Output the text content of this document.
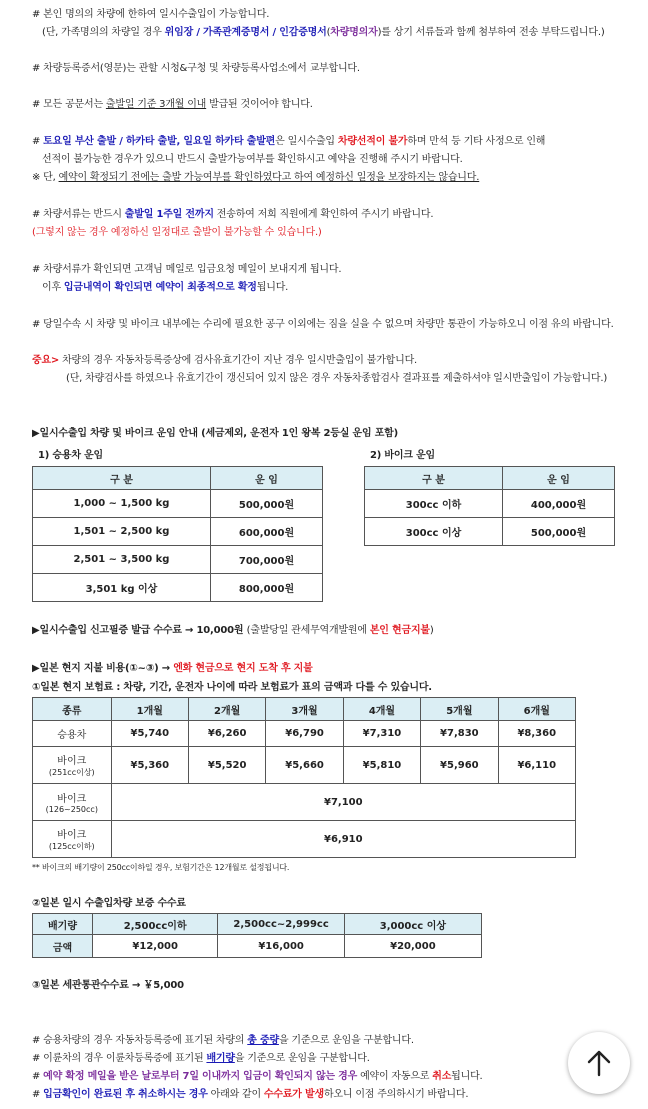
# 본인 명의의 차량에 한하여 일시수출입이 가능합니다.
(단, 가족명의의 차량일 경우 위임장 / 가족관계증명서 / 인감증명서(차량명의자)를 상기 서류들과 함께 첨부하여 전송 부탁드립니다.)
# 차량등록증서(영문)는 관할 시청&구청 및 차량등록사업소에서 교부합니다.
# 모든 공문서는 출발일 기준 3개월 이내 발급된 것이어야 합니다.
# 토요일 부산 출발 / 하카타 출발, 일요일 하카타 출발편은 일시수출입 차량선적이 불가하며 만석 등 기타 사정으로 인해
선적이 불가능한 경우가 있으니 반드시 출발가능여부를 확인하시고 예약을 진행해 주시기 바랍니다.
※ 단, 예약이 확정되기 전에는 출발 가능여부를 확인하였다고 하여 예정하신 일정을 보장하지는 않습니다.
# 차량서류는 반드시 출발일 1주일 전까지 전송하여 저희 직원에게 확인하여 주시기 바랍니다.
(그렇지 않는 경우 예정하신 일정대로 출발이 불가능할 수 있습니다.)
# 차량서류가 확인되면 고객님 메일로 입금요청 메일이 보내지게 됩니다.
이후 입금내역이 확인되면 예약이 최종적으로 확정됩니다.
# 당일수속 시 차량 및 바이크 내부에는 수리에 필요한 공구 이외에는 짐을 실을 수 없으며 차량만 통관이 가능하오니 이점 유의 바랍니다.
중요> 차량의 경우 자동차등록증상에 검사유효기간이 지난 경우 일시반출입이 불가합니다.
(단, 차량검사를 하였으나 유효기간이 갱신되어 있지 않은 경우 자동차종합검사 결과표를 제출하셔야 일시반출입이 가능합니다.)
▶일시수출입 차량 및 바이크 운임 안내 (세금제외, 운전자 1인 왕복 2등실 운임 포함)
1) 승용차 운임	2) 바이크 운임
구 분	운 임
1,000 ~ 1,500 kg	500,000원
1,501 ~ 2,500 kg	600,000원
2,501 ~ 3,500 kg	700,000원
3,501 kg 이상	800,000원
구 분	운 임
300cc 이하	400,000원
300cc 이상	500,000원
▶일시수출입 신고필증 발급 수수료 → 10,000원 (출발당일 관세무역개발원에 본인 현금지불)
▶일본 현지 지불 비용(①~③) → 엔화 현금으로 현지 도착 후 지불
①일본 현지 보험료 : 차량, 기간, 운전자 나이에 따라 보험료가 표의 금액과 다를 수 있습니다.
종류	1개월	2개월	3개월	4개월	5개월	6개월

승용차	¥5,740	¥6,260	¥6,790	¥7,310	¥7,830	¥8,360

바이크
(251cc이상)	¥5,360	¥5,520	¥5,660	¥5,810	¥5,960	¥6,110

바이크
(126~250cc)	¥7,100					

바이크
(125cc이하)	¥6,910					
** 바이크의 배기량이 250cc이하일 경우, 보험기간은 12개월로 설정됩니다.
②일본 일시 수출입차량 보증 수수료
배기량	2,500cc이하	2,500cc~2,999cc	3,000cc 이상
금액	¥12,000	¥16,000	¥20,000
③일본 세관통관수수료 → ￥5,000
# 승용차량의 경우 자동차등록증에 표기된 차량의 총 중량을 기준으로 운임을 구분합니다.
# 이륜차의 경우 이륜차등록증에 표기된 배기량을 기준으로 운임을 구분합니다.
# 예약 확정 메일을 받은 날로부터 7일 이내까지 입금이 확인되지 않는 경우 예약이 자동으로 취소됩니다.
# 입금확인이 완료된 후 취소하시는 경우 아래와 같이 수수료가 발생하오니 이점 주의하시기 바랍니다.
